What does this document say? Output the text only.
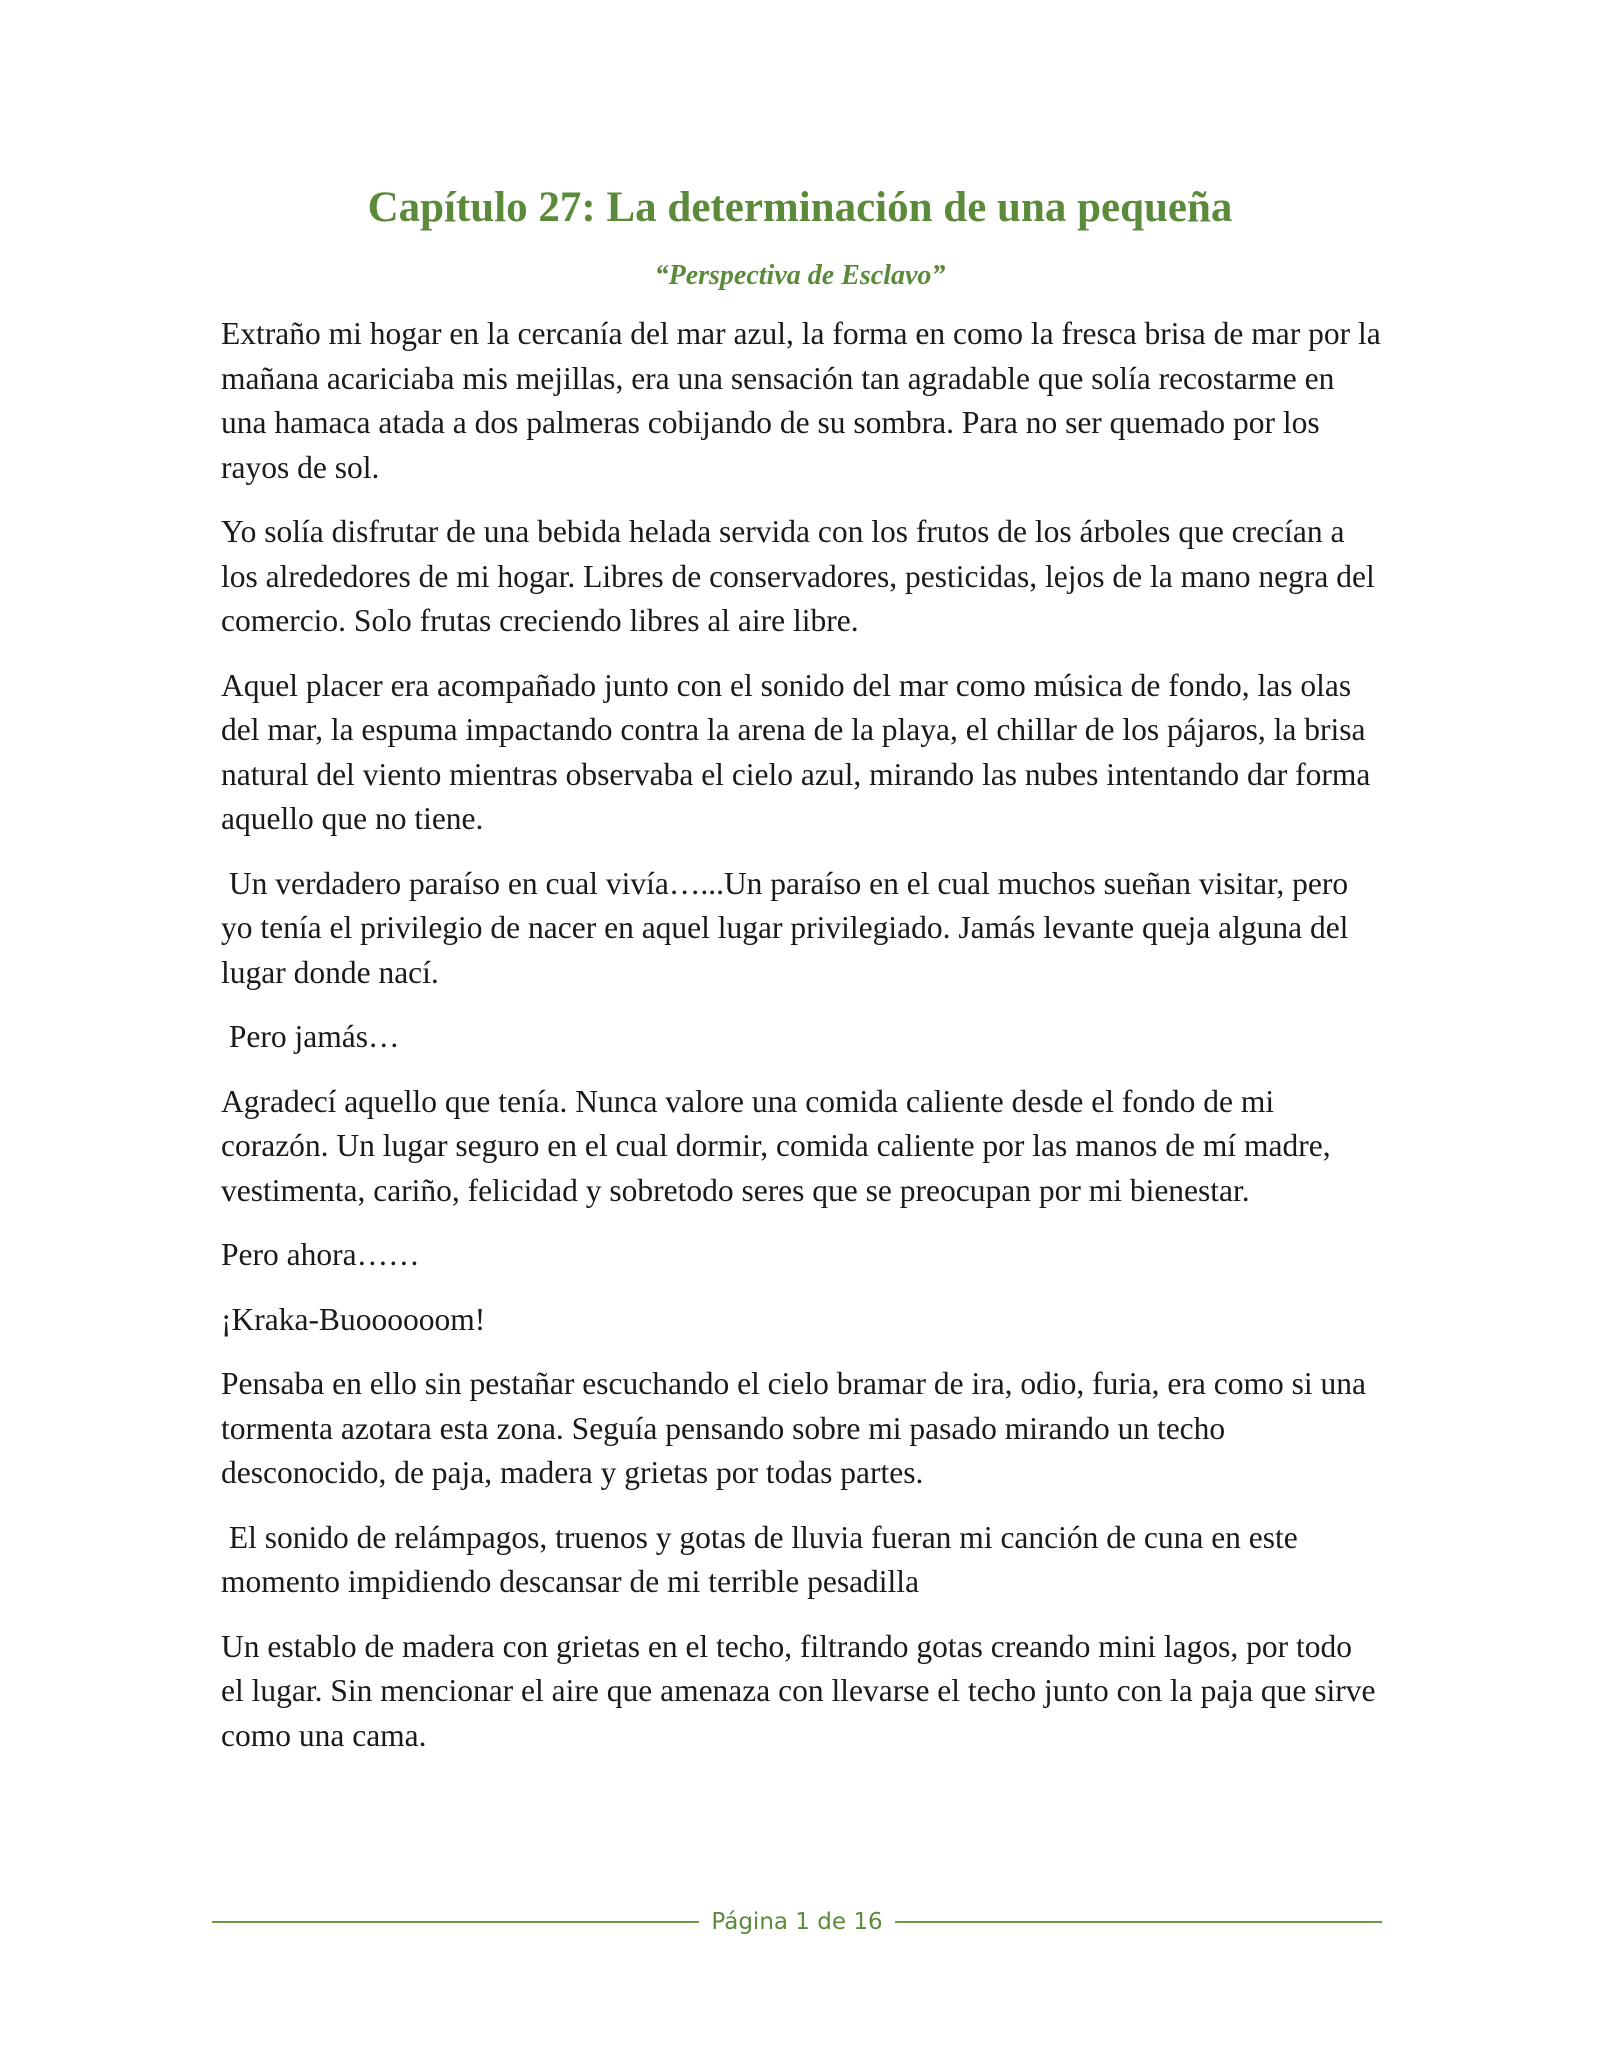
Capítulo 27: La determinación de una pequeña
“Perspectiva de Esclavo”

Extraño mi hogar en la cercanía del mar azul, la forma en como la fresca brisa de mar por la mañana acariciaba mis mejillas, era una sensación tan agradable que solía recostarme en una hamaca atada a dos palmeras cobijando de su sombra. Para no ser quemado por los rayos de sol.

Yo solía disfrutar de una bebida helada servida con los frutos de los árboles que crecían a los alrededores de mi hogar. Libres de conservadores, pesticidas, lejos de la mano negra del comercio. Solo frutas creciendo libres al aire libre.

Aquel placer era acompañado junto con el sonido del mar como música de fondo, las olas del mar, la espuma impactando contra la arena de la playa, el chillar de los pájaros, la brisa natural del viento mientras observaba el cielo azul, mirando las nubes intentando dar forma aquello que no tiene.

Un verdadero paraíso en cual vivía…...Un paraíso en el cual muchos sueñan visitar, pero yo tenía el privilegio de nacer en aquel lugar privilegiado. Jamás levante queja alguna del lugar donde nací.

Pero jamás…

Agradecí aquello que tenía. Nunca valore una comida caliente desde el fondo de mi corazón. Un lugar seguro en el cual dormir, comida caliente por las manos de mí madre, vestimenta, cariño, felicidad y sobretodo seres que se preocupan por mi bienestar.

Pero ahora……

¡Kraka-Buoooooom!

Pensaba en ello sin pestañar escuchando el cielo bramar de ira, odio, furia, era como si una tormenta azotara esta zona. Seguía pensando sobre mi pasado mirando un techo desconocido, de paja, madera y grietas por todas partes.

El sonido de relámpagos, truenos y gotas de lluvia fueran mi canción de cuna en este momento impidiendo descansar de mi terrible pesadilla

Un establo de madera con grietas en el techo, filtrando gotas creando mini lagos, por todo el lugar. Sin mencionar el aire que amenaza con llevarse el techo junto con la paja que sirve como una cama.

Página 1 de 16
